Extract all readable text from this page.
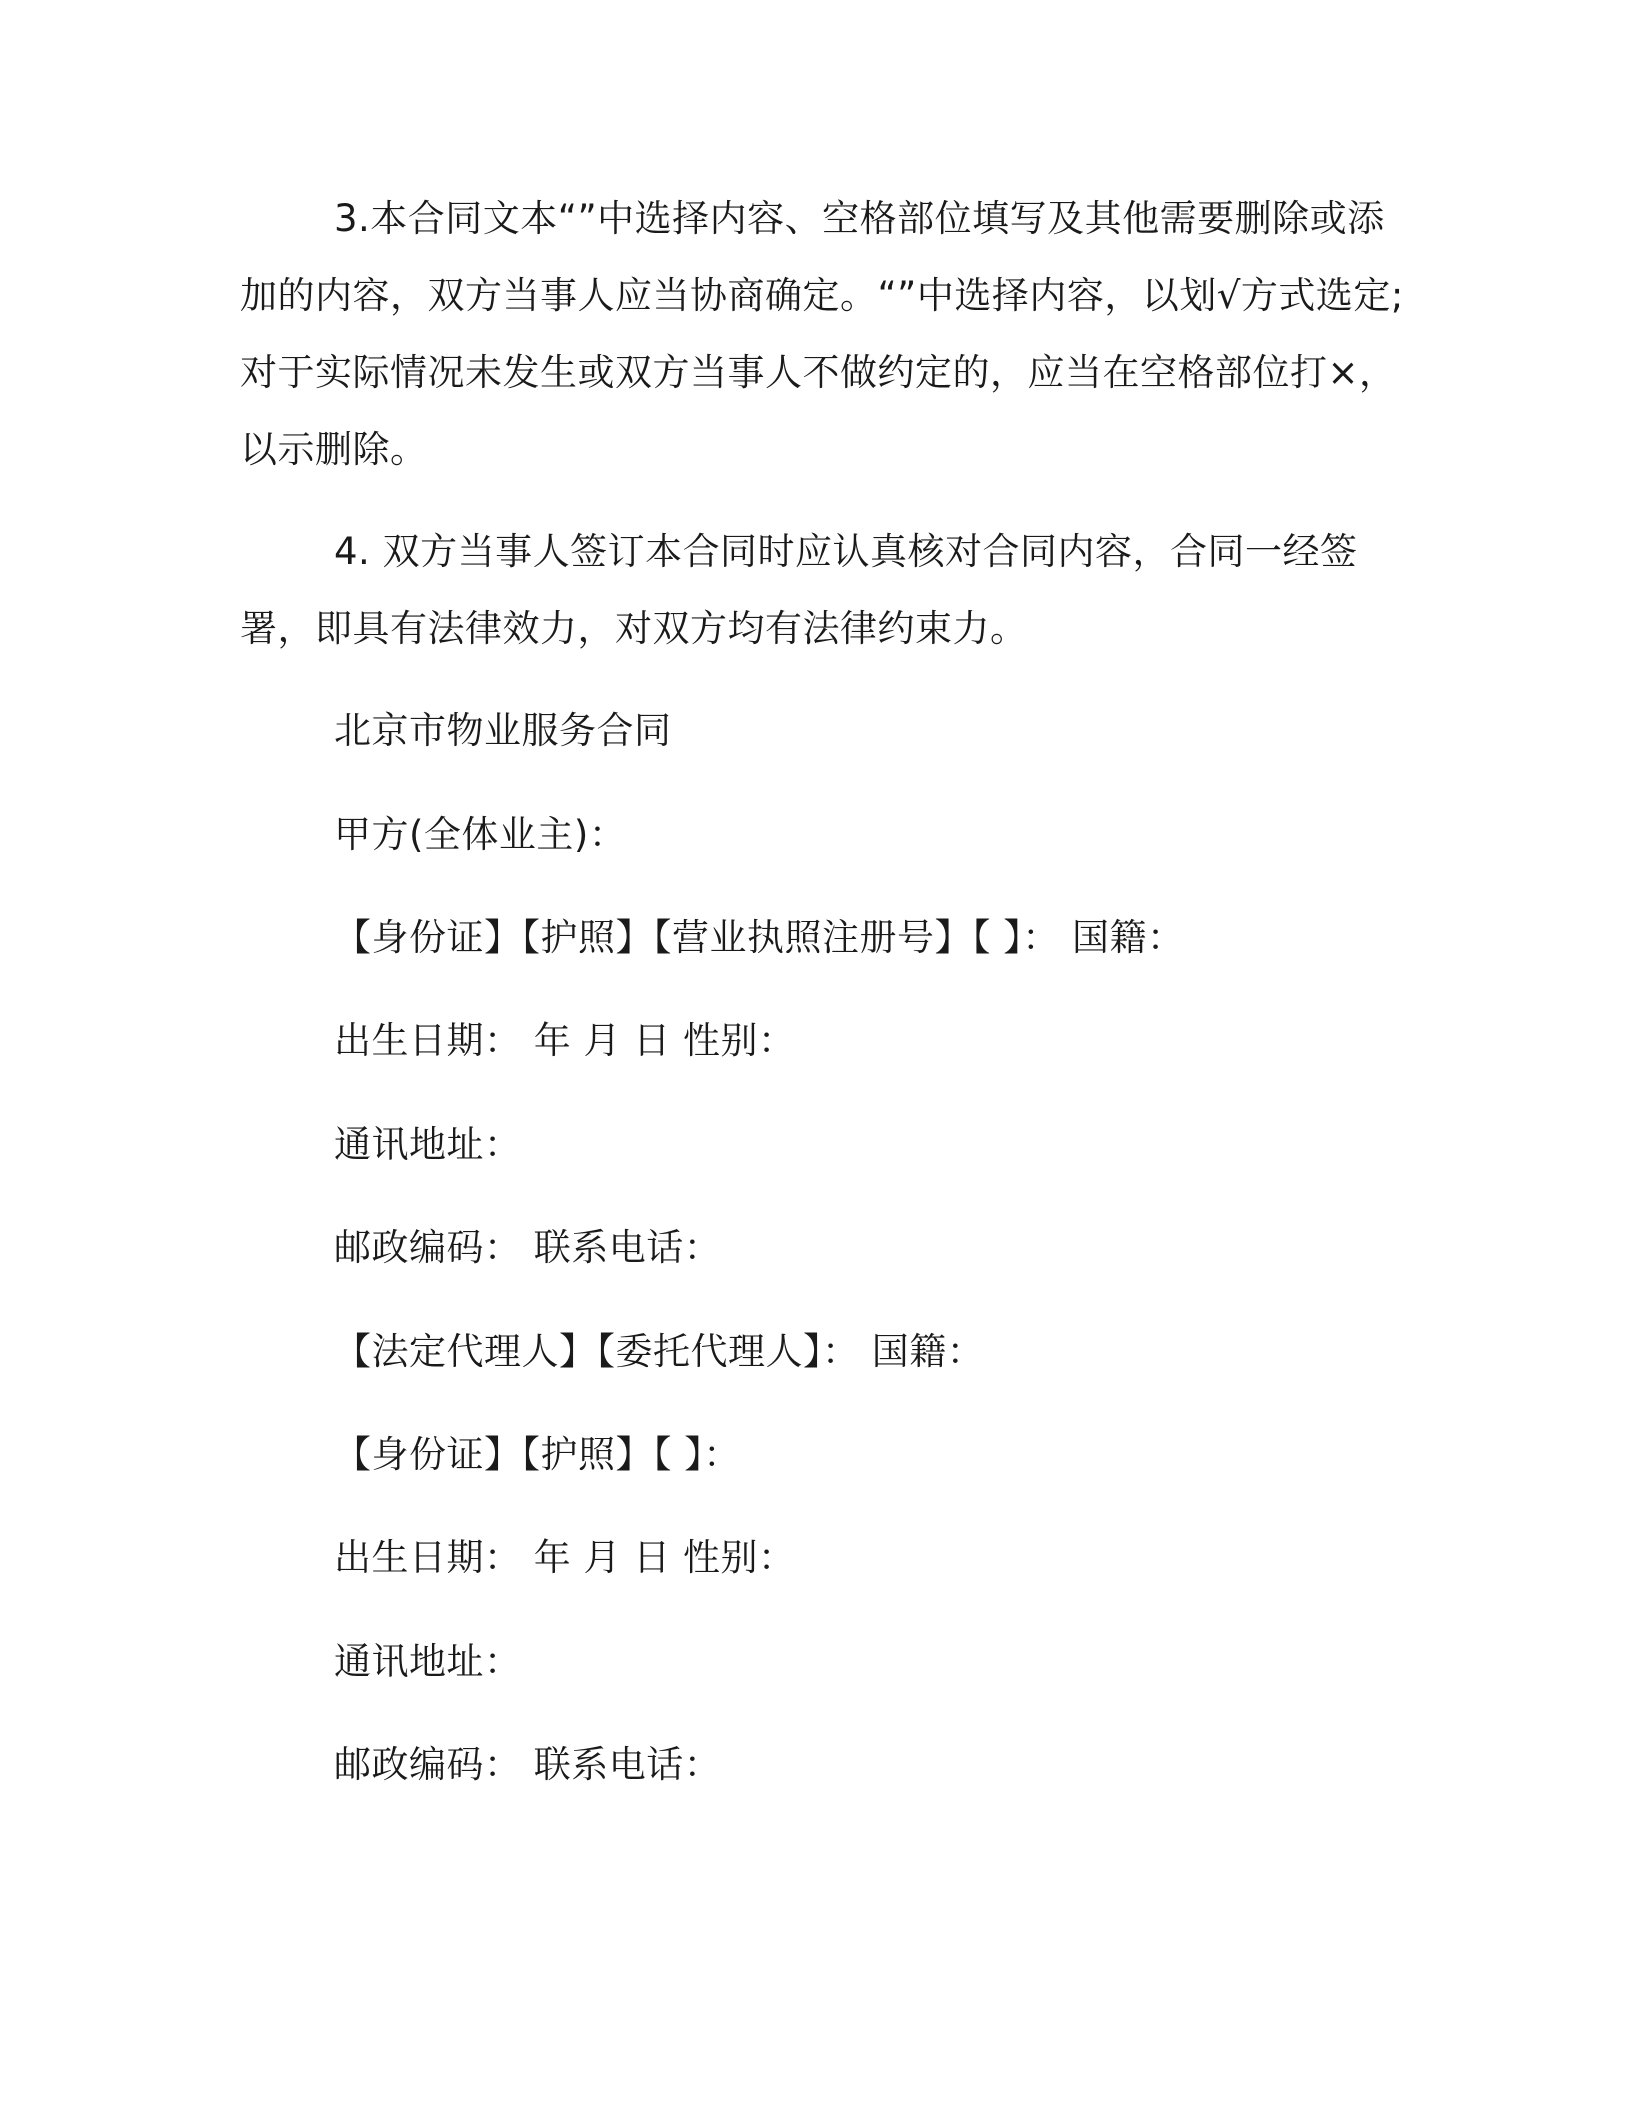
3.本合同文本“”中选择内容、空格部位填写及其他需要删除或添加的内容，双方当事人应当协商确定。“”中选择内容，以划√方式选定;对于实际情况未发生或双方当事人不做约定的，应当在空格部位打×，以示删除。

4. 双方当事人签订本合同时应认真核对合同内容，合同一经签署，即具有法律效力，对双方均有法律约束力。

北京市物业服务合同

甲方(全体业主)：

【身份证】【护照】【营业执照注册号】【 】： 国籍：

出生日期： 年 月 日 性别：

通讯地址：

邮政编码： 联系电话：

【法定代理人】【委托代理人】： 国籍：

【身份证】【护照】【 】：

出生日期： 年 月 日 性别：

通讯地址：

邮政编码： 联系电话：
